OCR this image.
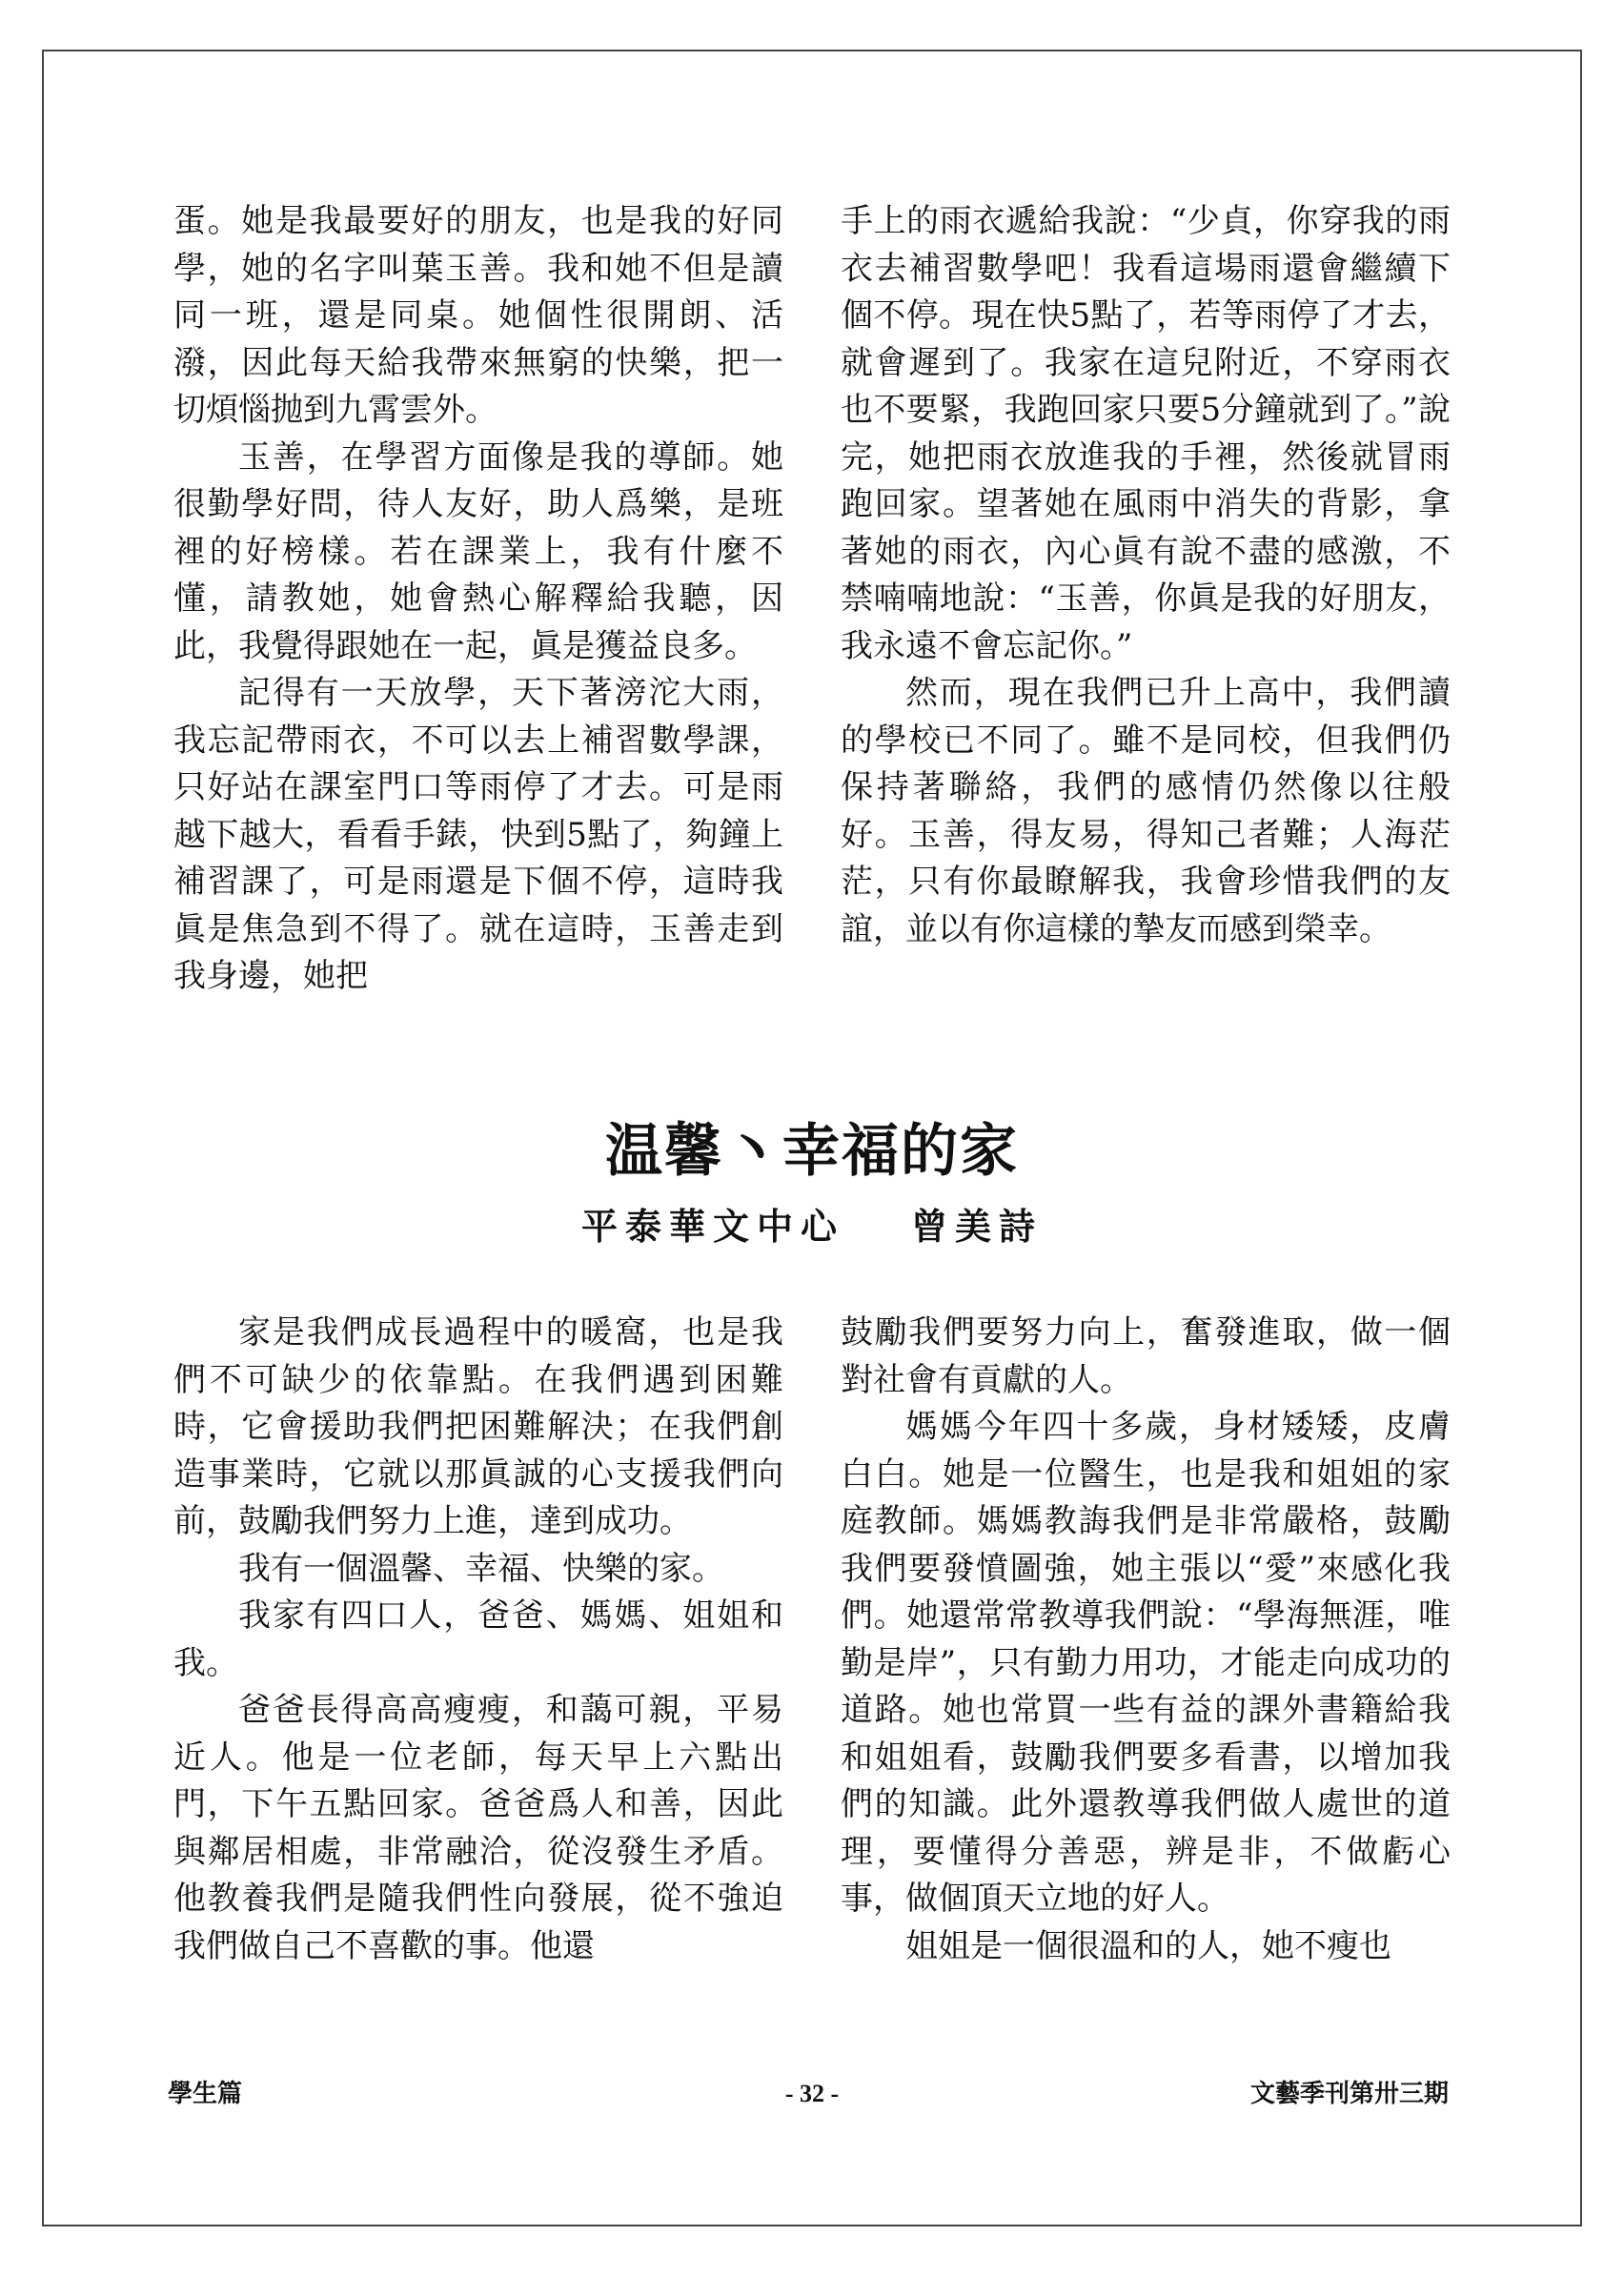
蛋。她是我最要好的朋友，也是我的好同學，她的名字叫葉玉善。我和她不但是讀同一班，還是同桌。她個性很開朗、活潑，因此每天給我帶來無窮的快樂，把一切煩惱抛到九霄雲外。

玉善，在學習方面像是我的導師。她很勤學好問，待人友好，助人爲樂，是班裡的好榜樣。若在課業上，我有什麼不懂，請教她，她會熱心解釋給我聽，因此，我覺得跟她在一起，眞是獲益良多。

記得有一天放學，天下著滂沱大雨，我忘記帶雨衣，不可以去上補習數學課，只好站在課室門口等雨停了才去。可是雨越下越大，看看手錶，快到5點了，夠鐘上補習課了，可是雨還是下個不停，這時我眞是焦急到不得了。就在這時，玉善走到我身邊，她把

手上的雨衣遞給我說：“少貞，你穿我的雨衣去補習數學吧！我看這場雨還會繼續下個不停。現在快5點了，若等雨停了才去，就會遲到了。我家在這兒附近，不穿雨衣也不要緊，我跑回家只要5分鐘就到了。”說完，她把雨衣放進我的手裡，然後就冒雨跑回家。望著她在風雨中消失的背影，拿著她的雨衣，內心眞有說不盡的感激，不禁喃喃地說：“玉善，你眞是我的好朋友，我永遠不會忘記你。”

然而，現在我們已升上高中，我們讀的學校已不同了。雖不是同校，但我們仍保持著聯絡，我們的感情仍然像以往般好。玉善，得友易，得知己者難；人海茫茫，只有你最瞭解我，我會珍惜我們的友誼，並以有你這樣的摯友而感到榮幸。

温馨丶幸福的家
平泰華文中心 曾美詩

家是我們成長過程中的暖窩，也是我們不可缺少的依靠點。在我們遇到困難時，它會援助我們把困難解決；在我們創造事業時，它就以那眞誠的心支援我們向前，鼓勵我們努力上進，達到成功。

我有一個溫馨、幸福、快樂的家。

我家有四口人，爸爸、媽媽、姐姐和我。

爸爸長得高高瘦瘦，和藹可親，平易近人。他是一位老師，每天早上六點出門，下午五點回家。爸爸爲人和善，因此與鄰居相處，非常融洽，從沒發生矛盾。他教養我們是隨我們性向發展，從不強迫我們做自己不喜歡的事。他還

鼓勵我們要努力向上，奮發進取，做一個對社會有貢獻的人。

媽媽今年四十多歲，身材矮矮，皮膚白白。她是一位醫生，也是我和姐姐的家庭教師。媽媽教誨我們是非常嚴格，鼓勵我們要發憤圖強，她主張以“愛”來感化我們。她還常常教導我們說：“學海無涯，唯勤是岸”，只有勤力用功，才能走向成功的道路。她也常買一些有益的課外書籍給我和姐姐看，鼓勵我們要多看書，以增加我們的知識。此外還教導我們做人處世的道理，要懂得分善惡，辨是非，不做虧心事，做個頂天立地的好人。

姐姐是一個很溫和的人，她不瘦也

學生篇	- 32 -	文藝季刊第卅三期
